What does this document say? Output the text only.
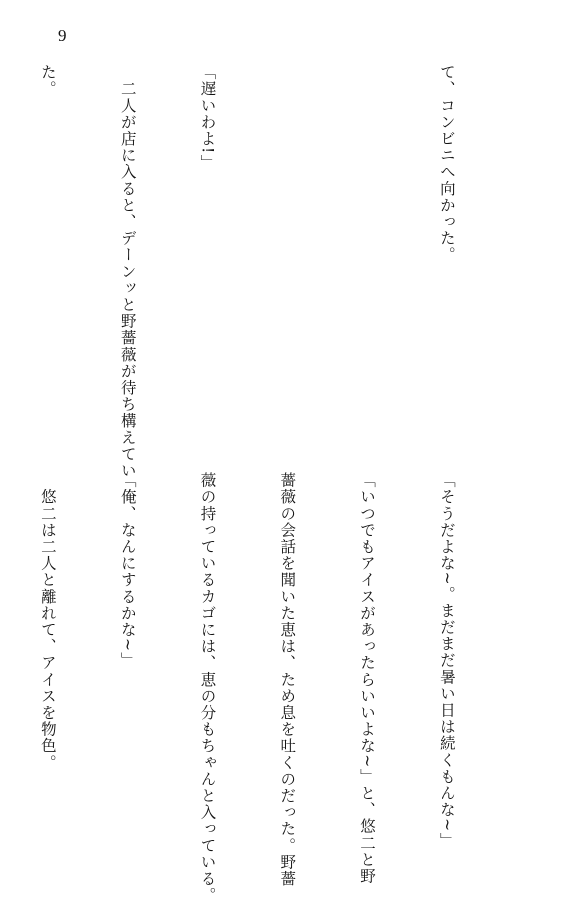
9

て、コンビニへ向かった。

「遅いわよ!」

　二人が店に入ると、デーンッと野薔薇が待ち構えてい

た。

「そうだよな~。まだまだ暑い日は続くもんな~」

「いつでもアイスがあったらいいよな~」と、悠二と野

薔薇の会話を聞いた恵は、ため息を吐くのだった。野薔

薇の持っているカゴには、恵の分もちゃんと入っている。

「俺、なんにするかな~」

　悠二は二人と離れて、アイスを物色。
